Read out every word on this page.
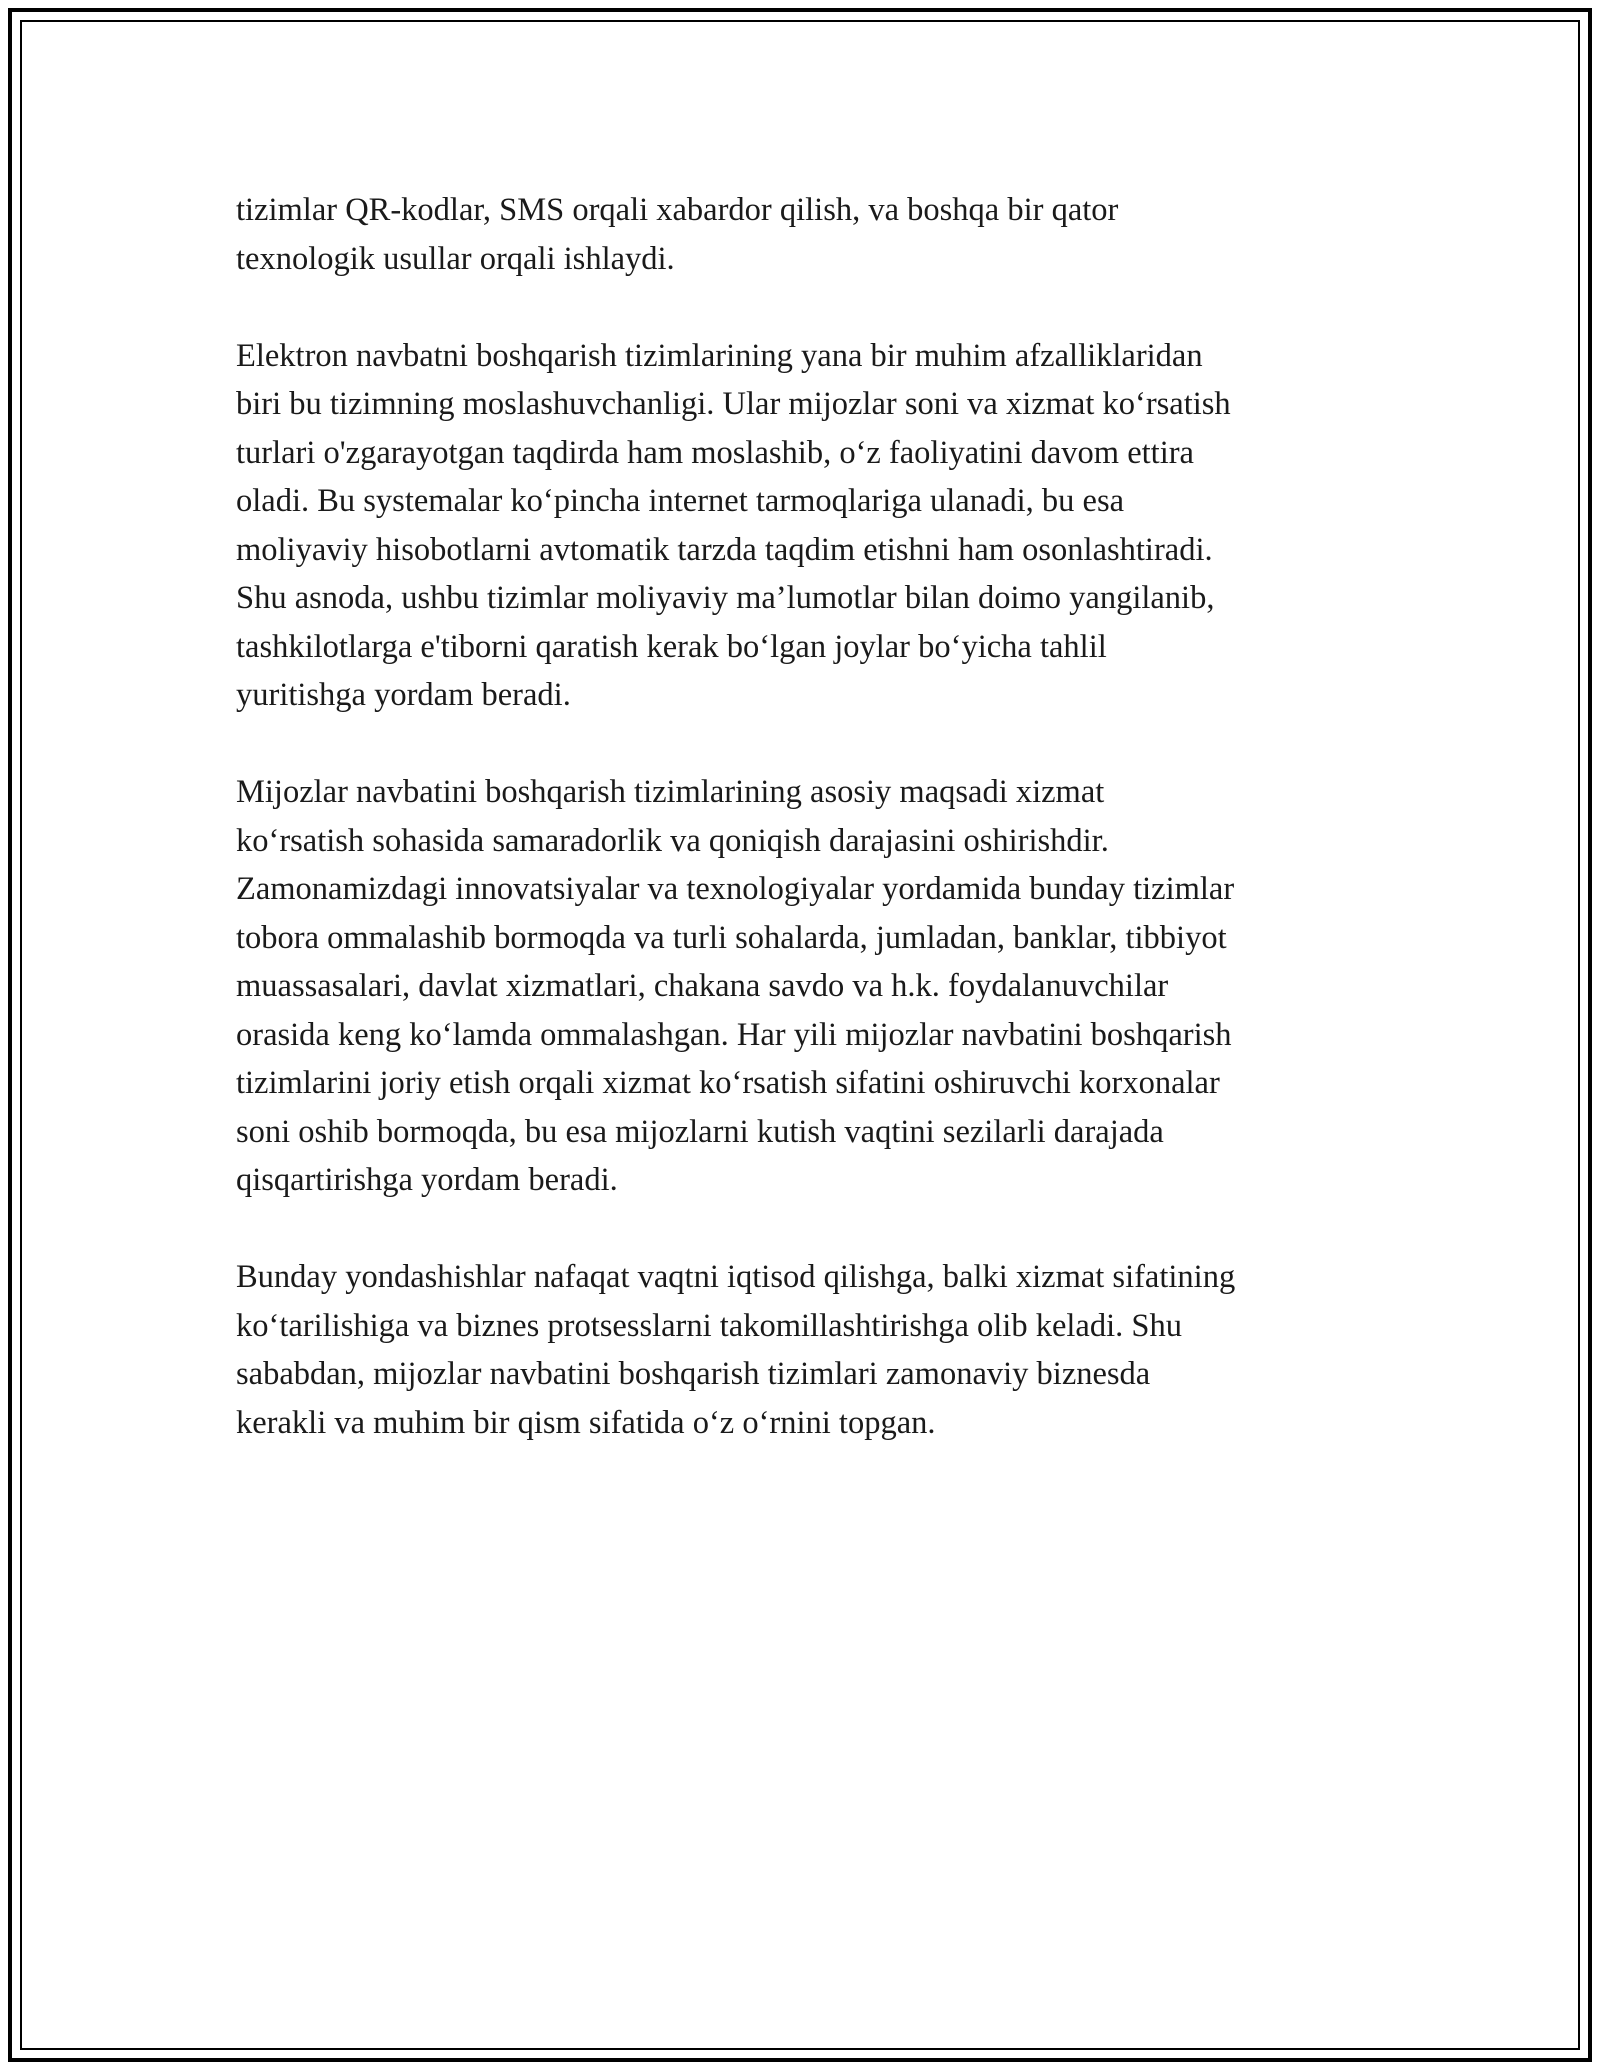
tizimlar QR-kodlar, SMS orqali xabardor qilish, va boshqa bir qator
texnologik usullar orqali ishlaydi.

Elektron navbatni boshqarish tizimlarining yana bir muhim afzalliklaridan
biri bu tizimning moslashuvchanligi. Ular mijozlar soni va xizmat ko‘rsatish
turlari o'zgarayotgan taqdirda ham moslashib, o‘z faoliyatini davom ettira
oladi. Bu systemalar ko‘pincha internet tarmoqlariga ulanadi, bu esa
moliyaviy hisobotlarni avtomatik tarzda taqdim etishni ham osonlashtiradi.
Shu asnoda, ushbu tizimlar moliyaviy ma’lumotlar bilan doimo yangilanib,
tashkilotlarga e'tiborni qaratish kerak bo‘lgan joylar bo‘yicha tahlil
yuritishga yordam beradi.

Mijozlar navbatini boshqarish tizimlarining asosiy maqsadi xizmat
ko‘rsatish sohasida samaradorlik va qoniqish darajasini oshirishdir.
Zamonamizdagi innovatsiyalar va texnologiyalar yordamida bunday tizimlar
tobora ommalashib bormoqda va turli sohalarda, jumladan, banklar, tibbiyot
muassasalari, davlat xizmatlari, chakana savdo va h.k. foydalanuvchilar
orasida keng ko‘lamda ommalashgan. Har yili mijozlar navbatini boshqarish
tizimlarini joriy etish orqali xizmat ko‘rsatish sifatini oshiruvchi korxonalar
soni oshib bormoqda, bu esa mijozlarni kutish vaqtini sezilarli darajada
qisqartirishga yordam beradi.

Bunday yondashishlar nafaqat vaqtni iqtisod qilishga, balki xizmat sifatining
ko‘tarilishiga va biznes protsesslarni takomillashtirishga olib keladi. Shu
sababdan, mijozlar navbatini boshqarish tizimlari zamonaviy biznesda
kerakli va muhim bir qism sifatida o‘z o‘rnini topgan.
